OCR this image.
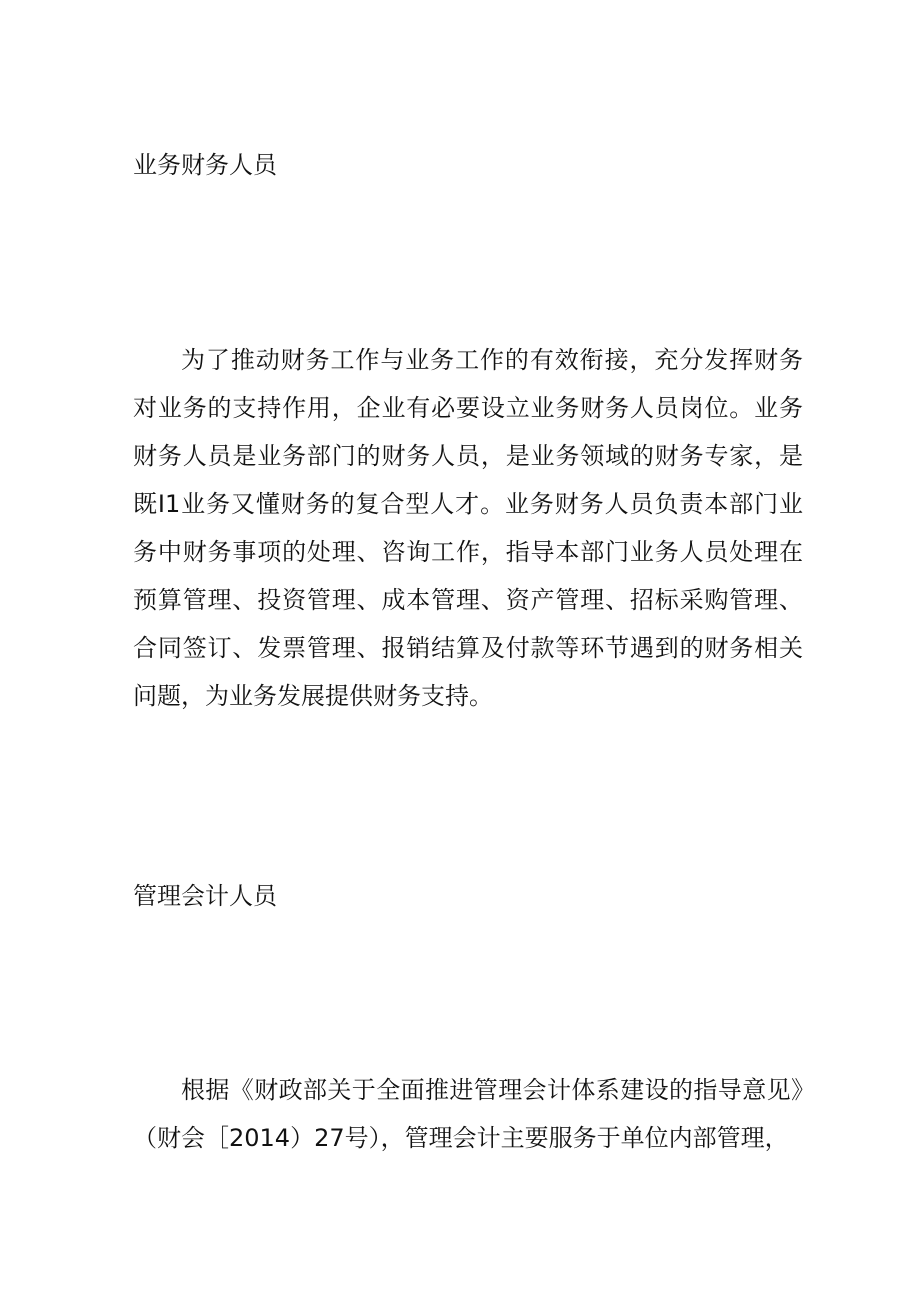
业务财务人员

为了推动财务工作与业务工作的有效衔接，充分发挥财务对业务的支持作用，企业有必要设立业务财务人员岗位。业务财务人员是业务部门的财务人员，是业务领域的财务专家，是既I1业务又懂财务的复合型人才。业务财务人员负责本部门业务中财务事项的处理、咨询工作，指导本部门业务人员处理在预算管理、投资管理、成本管理、资产管理、招标采购管理、合同签订、发票管理、报销结算及付款等环节遇到的财务相关问题，为业务发展提供财务支持。

管理会计人员

根据《财政部关于全面推进管理会计体系建设的指导意见》（财会［2014）27号），管理会计主要服务于单位内部管理，
